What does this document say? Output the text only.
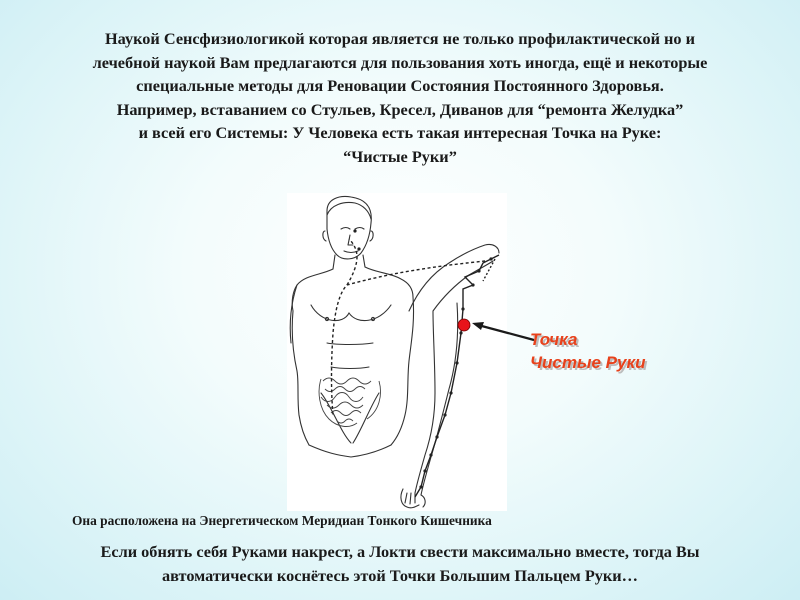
Наукой Сенсфизиологикой которая является не только профилактической но и
лечебной наукой Вам предлагаются для пользования хоть иногда, ещё и некоторые
специальные методы для Реновации Состояния Постоянного Здоровья.
Например, вставанием со Стульев, Кресел, Диванов для “ремонта Желудка”
и всей его Системы: У Человека есть такая интересная Точка на Руке:
“Чистые Руки”

Точка
Чистые Руки
Она расположена на Энергетическом Меридиан Тонкого Кишечника
Если обнять себя Руками накрест, а Локти свести максимально вместе, тогда Вы
автоматически коснётесь этой Точки Большим Пальцем Руки…
